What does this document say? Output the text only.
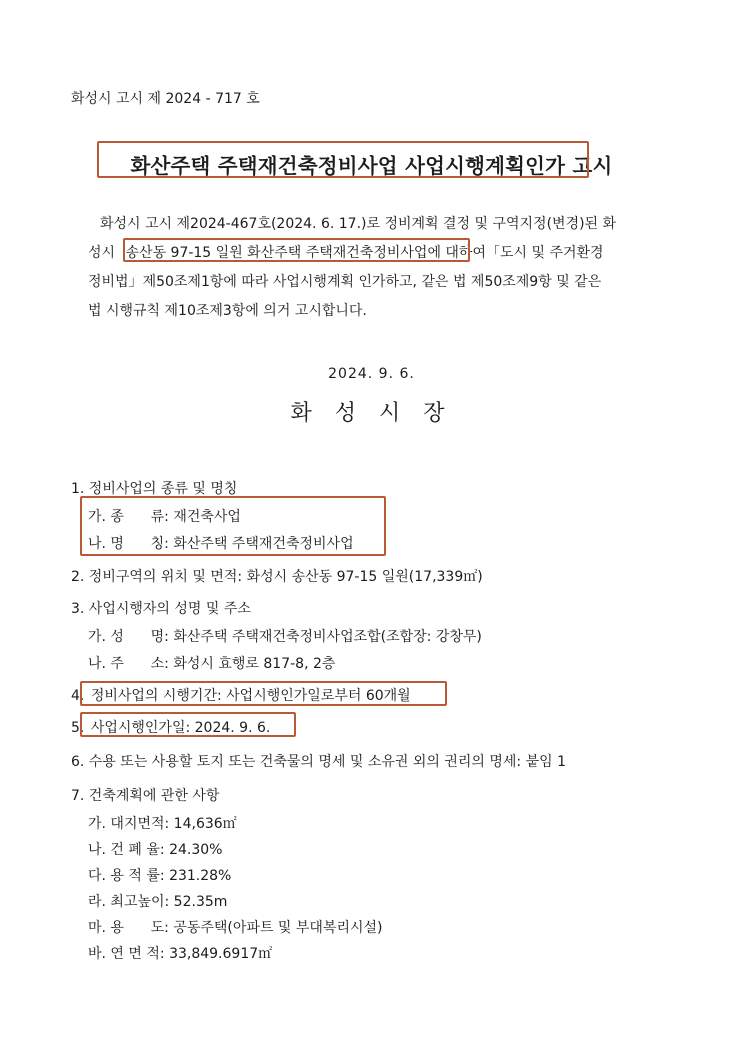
화성시 고시 제 2024 - 717 호
화산주택 주택재건축정비사업 사업시행계획인가 고시
화성시 고시 제2024-467호(2024. 6. 17.)로 정비계획 결정 및 구역지정(변경)된 화
성시 송산동 97-15 일원 화산주택 주택재건축정비사업에 대하여「도시 및 주거환경
정비법」제50조제1항에 따라 사업시행계획 인가하고, 같은 법 제50조제9항 및 같은
법 시행규칙 제10조제3항에 의거 고시합니다.
2024. 9. 6.
화 성 시 장
1. 정비사업의 종류 및 명칭
가. 종      류: 재건축사업
나. 명      칭: 화산주택 주택재건축정비사업
2. 정비구역의 위치 및 면적: 화성시 송산동 97-15 일원(17,339㎡)
3. 사업시행자의 성명 및 주소
가. 성      명: 화산주택 주택재건축정비사업조합(조합장: 강창무)
나. 주      소: 화성시 효행로 817-8, 2층
4. 정비사업의 시행기간: 사업시행인가일로부터 60개월
5. 사업시행인가일: 2024. 9. 6.
6. 수용 또는 사용할 토지 또는 건축물의 명세 및 소유권 외의 권리의 명세: 붙임 1
7. 건축계획에 관한 사항
가. 대지면적: 14,636㎡
나. 건 폐 율: 24.30%
다. 용 적 률: 231.28%
라. 최고높이: 52.35m
마. 용      도: 공동주택(아파트 및 부대복리시설)
바. 연 면 적: 33,849.6917㎡
